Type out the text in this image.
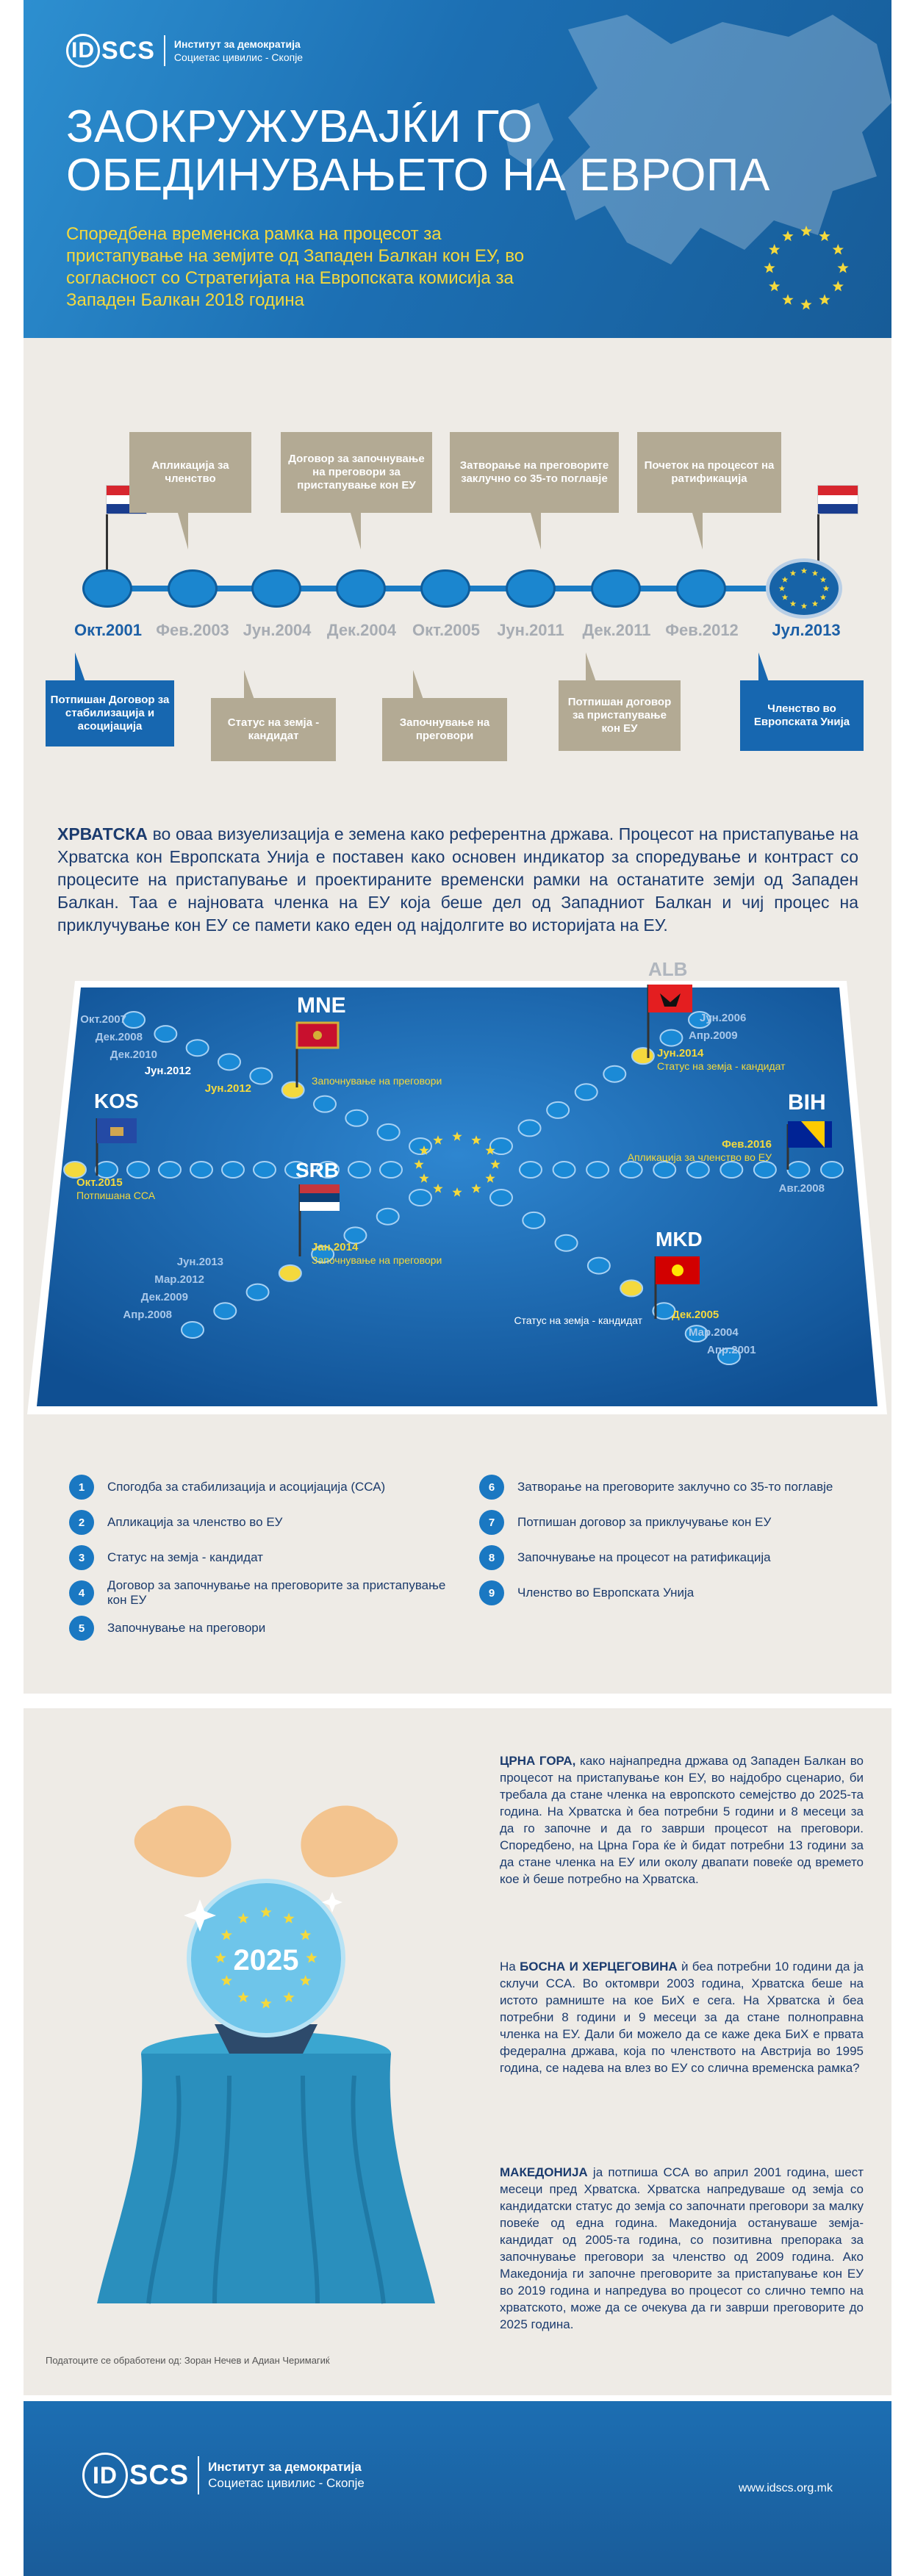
ID SCS Институт за демократија
Социетас цивилис - Скопје
ЗАОКРУЖУВАЈЌИ ГО
ОБЕДИНУВАЊЕТО НА ЕВРОПА
Споредбена временска рамка на процесот за пристапување на земјите од Западен Балкан кон ЕУ, во согласност со Стратегијата на Европската комисија за Западен Балкан 2018 година
Окт.2001 Фев.2003 Јун.2004 Дек.2004 Окт.2005	Јун.2011	Дек.2011 Фев.2012	Јул.2013
Апликација за членство
Договор за започнување на преговори за пристапување кон ЕУ
Затворање на преговорите заклучно со 35-то поглавје
Почеток на процесот на ратификација
Потпишан Договор за стабилизација и асоцијација	Статус на земја - кандидат
Започнување на преговори
Потпишан договор за пристапување кон ЕУ
Членство во Европската Унија
ХРВАТСКА во оваа визуелизација е земена како референтна држава. Процесот на пристапување на Хрватска кон Европската Унија е поставен како основен индикатор за споредување и контраст со процесите на пристапување и проектираните временски рамки на останатите земји од Западен Балкан. Таа е најновата членка на ЕУ која беше дел од Западниот Балкан и чиј процес на приклучување кон ЕУ се памети како еден од најдолгите во историјата на ЕУ.
MNE
ALB
KOS	BIH
SRB
MKD
Окт.2007
Дек.2008
Дек.2010
Јун.2012
Јун.2012
Започнување на преговори
Јун.2006
Апр.2009
Јун.2014
Статус на земја - кандидат
Окт.2015
Потпишана ССА
Фев.2016
Апликација за членство во ЕУ
Авг.2008
Јан.2014
Започнување на преговори
Јун.2013
Мар.2012
Дек.2009
Апр.2008	Дек.2005
Статус на земја - кандидат
Мар.2004
Апр.2001
1	Спогодба за стабилизација и асоцијација (ССА)
2	Апликација за членство во ЕУ
3	Статус на земја - кандидат
4
Договор за започнување на преговорите за пристапување кон ЕУ
5	Започнување на преговори
6	Затворање на преговорите заклучно со 35-то поглавје
7	Потпишан договор за приклучување кон ЕУ
8	Започнување на процесот на ратификација
9	Членство во Европската Унија
2025
ЦРНА ГОРА, како најнапредна држава од Западен Балкан во процесот на пристапување кон ЕУ, во најдобро сценарио, би требала да стане членка на европското семејство до 2025-та година. На Хрватска ѝ беа потребни 5 години и 8 месеци за да го започне и да го заврши процесот на преговори. Споредбено, на Црна Гора ќе ѝ бидат потребни 13 години за да стане членка на ЕУ или околу двапати повеќе од времето кое ѝ беше потребно на Хрватска.
На БОСНА И ХЕРЦЕГОВИНА ѝ беа потребни 10 години да ја склучи ССА. Во октомври 2003 година, Хрватска беше на истото рамниште на кое БиХ е сега. На Хрватска ѝ беа потребни 8 години и 9 месеци за да стане полноправна членка на ЕУ. Дали би можело да се каже дека БиХ е првата федерална држава, која по членството на Австрија во 1995 година, се надева на влез во ЕУ со слична временска рамка?
МАКЕДОНИЈА ја потпиша ССА во април 2001 година, шест месеци пред Хрватска. Хрватска напредуваше од земја со кандидатски статус до земја со започнати преговори за малку повеќе од една година. Македонија остануваше земја-кандидат од 2005-та година, со позитивна препорака за започнување преговори за членство од 2009 година. Ако Македонија ги започне преговорите за пристапување кон ЕУ во 2019 година и напредува во процесот со слично темпо на хрватското, може да се очекува да ги заврши преговорите до 2025 година.
Податоците се обработени од: Зоран Нечев и Адиан Черимагиќ
ID SCS Институт за демократија
Социетас цивилис - Скопје	www.idscs.org.mk
